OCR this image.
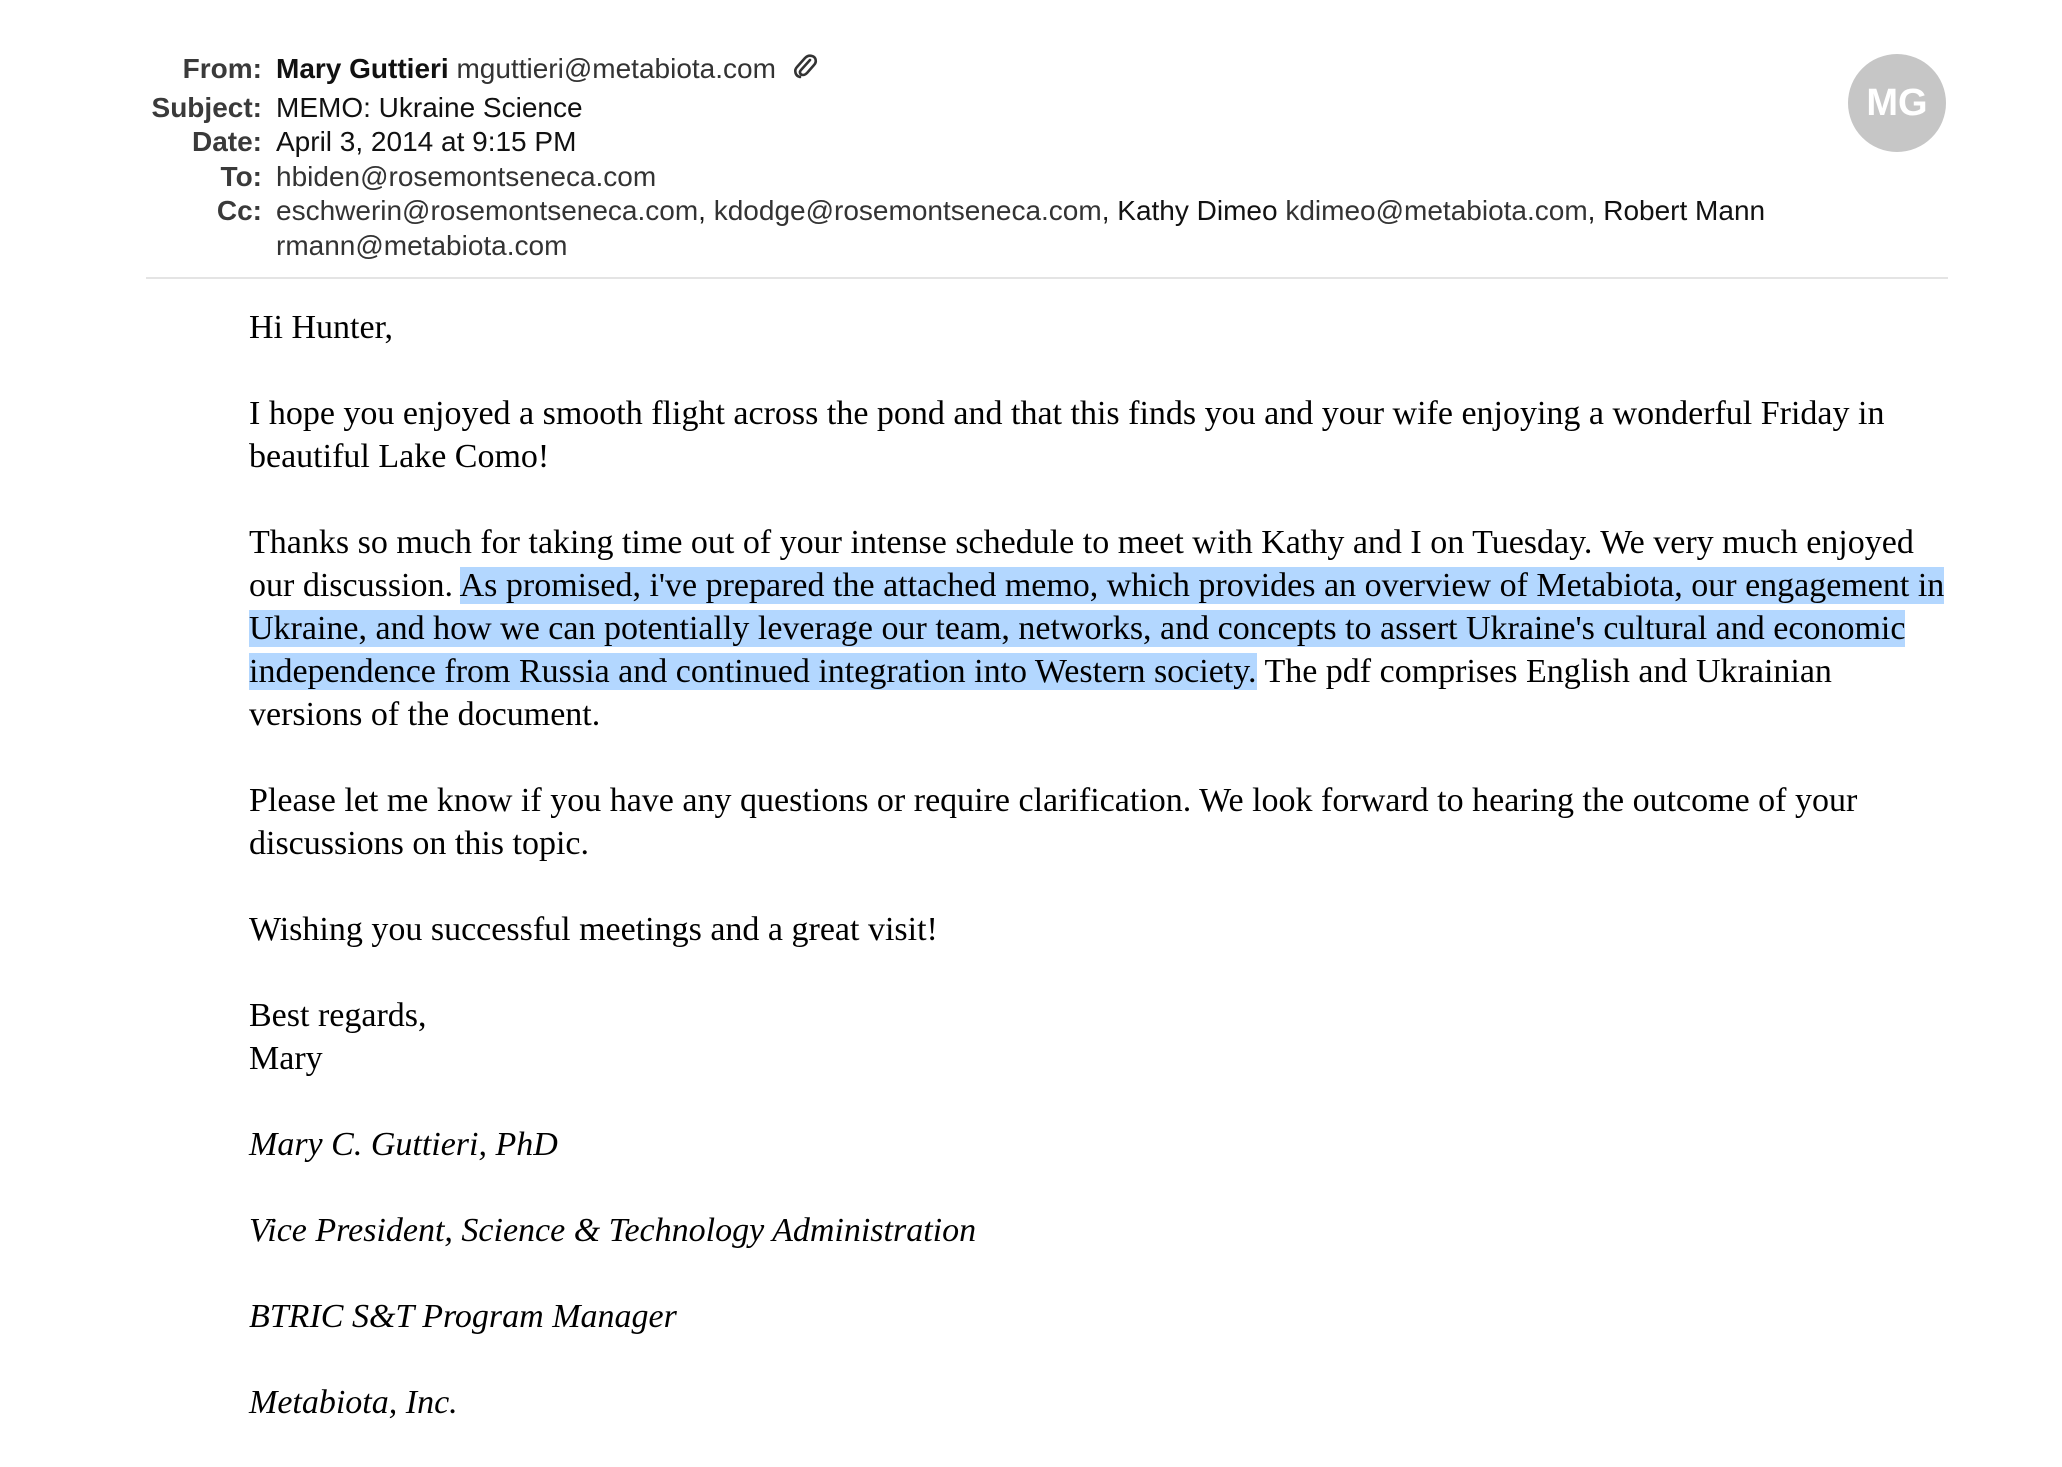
From: Mary Guttieri mguttieri@metabiota.com
Subject: MEMO: Ukraine Science
Date: April 3, 2014 at 9:15 PM
To: hbiden@rosemontseneca.com
Cc: eschwerin@rosemontseneca.com, kdodge@rosemontseneca.com, Kathy Dimeo kdimeo@metabiota.com, Robert Mann
rmann@metabiota.com
MG

Hi Hunter,

I hope you enjoyed a smooth flight across the pond and that this finds you and your wife enjoying a wonderful Friday in beautiful Lake Como!

Thanks so much for taking time out of your intense schedule to meet with Kathy and I on Tuesday. We very much enjoyed our discussion. As promised, i've prepared the attached memo, which provides an overview of Metabiota, our engagement in Ukraine, and how we can potentially leverage our team, networks, and concepts to assert Ukraine's cultural and economic independence from Russia and continued integration into Western society. The pdf comprises English and Ukrainian versions of the document.

Please let me know if you have any questions or require clarification. We look forward to hearing the outcome of your discussions on this topic.

Wishing you successful meetings and a great visit!

Best regards,
Mary

Mary C. Guttieri, PhD

Vice President, Science & Technology Administration

BTRIC S&T Program Manager

Metabiota, Inc.
